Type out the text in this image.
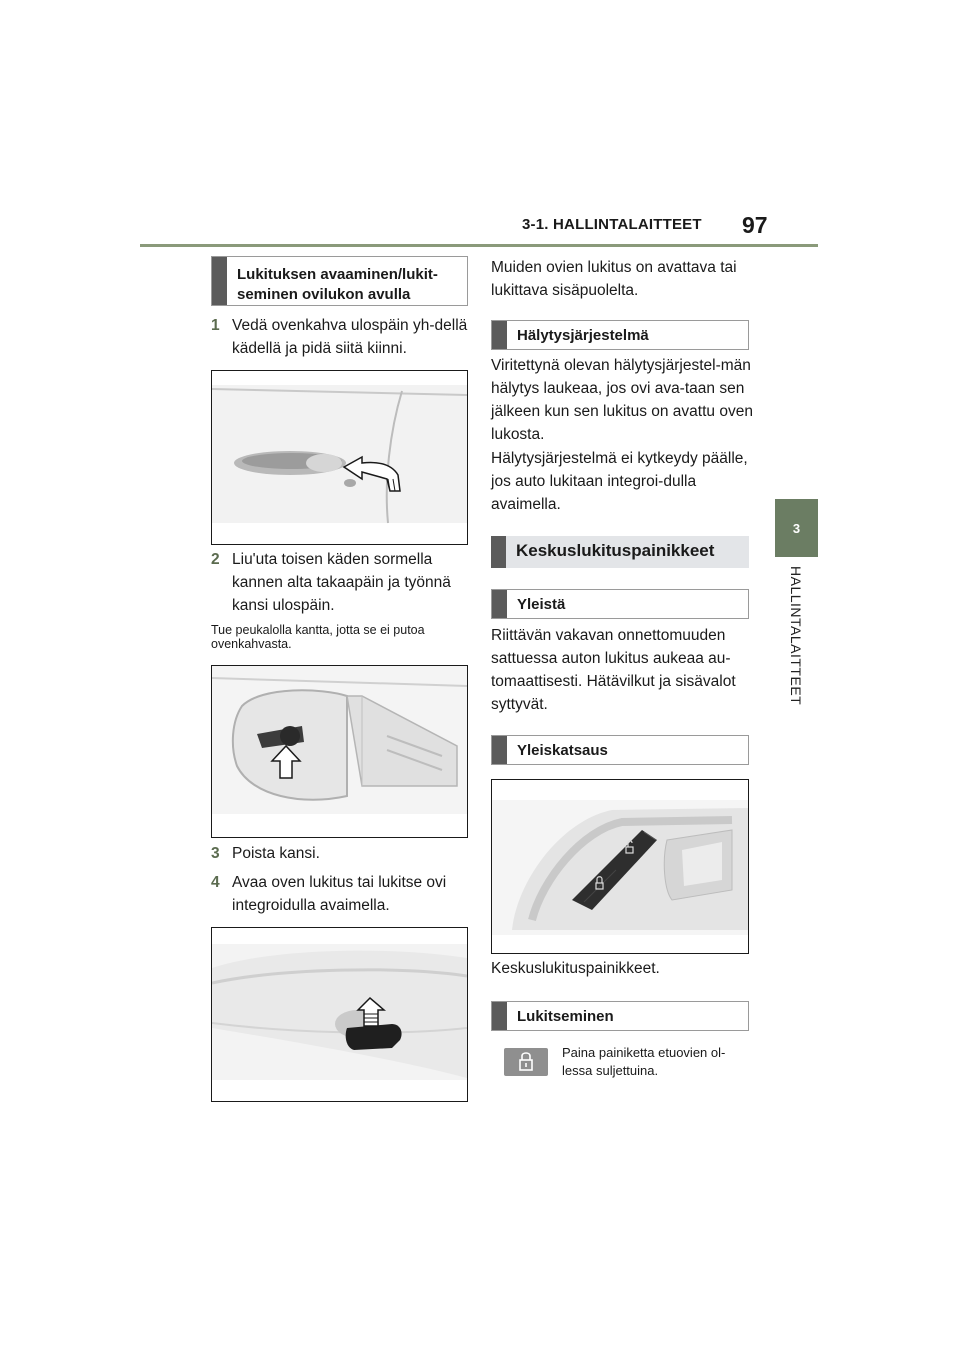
3-1. HALLINTALAITTEET 97
3
HALLINTALAITTEET
Lukituksen avaaminen/lukit-seminen ovilukon avulla
1 Vedä ovenkahva ulospäin yh-dellä kädellä ja pidä siitä kiinni.
2 Liu'uta toisen käden sormella kannen alta takaapäin ja työnnä kansi ulospäin.
Tue peukalolla kantta, jotta se ei putoa ovenkahvasta.
3 Poista kansi.
4 Avaa oven lukitus tai lukitse ovi integroidulla avaimella.
Muiden ovien lukitus on avattava tai lukittava sisäpuolelta.
Hälytysjärjestelmä
Viritettynä olevan hälytysjärjestel-män hälytys laukeaa, jos ovi ava-taan sen jälkeen kun sen lukitus on avattu oven lukosta.
Hälytysjärjestelmä ei kytkeydy päälle, jos auto lukitaan integroi-dulla avaimella.
Keskuslukituspainikkeet
Yleistä
Riittävän vakavan onnettomuuden sattuessa auton lukitus aukeaa au-tomaattisesti. Hätävilkut ja sisävalot syttyvät.
Yleiskatsaus
Keskuslukituspainikkeet.
Lukitseminen
Paina painiketta etuovien ol-lessa suljettuina.
